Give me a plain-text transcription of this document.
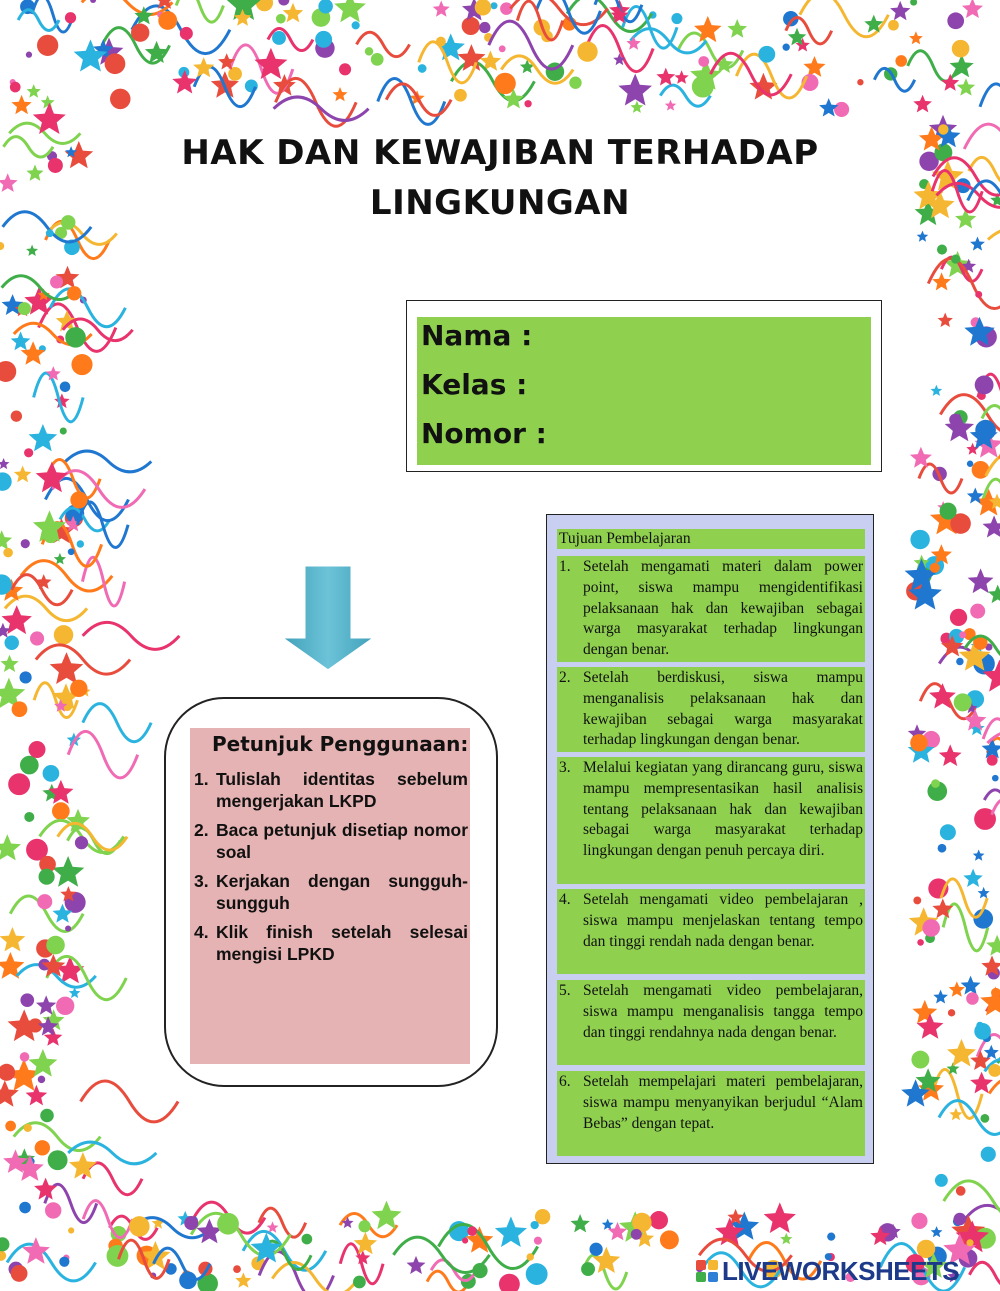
HAK DAN KEWAJIBAN TERHADAP
LINGKUNGAN
Nama :
Kelas :
Nomor :
Petunjuk Penggunaan:
1. Tulislah identitas sebelum mengerjakan LKPD
2. Baca petunjuk disetiap nomor soal
3. Kerjakan dengan sungguh-sungguh
4. Klik finish setelah selesai mengisi LPKD
Tujuan Pembelajaran
1. Setelah mengamati materi dalam power point, siswa mampu mengidentifikasi pelaksanaan hak dan kewajiban sebagai warga masyarakat terhadap lingkungan dengan benar.
2. Setelah berdiskusi, siswa mampu menganalisis pelaksanaan hak dan kewajiban sebagai warga masyarakat terhadap lingkungan dengan benar.
3. Melalui kegiatan yang dirancang guru, siswa mampu mempresentasikan hasil analisis tentang pelaksanaan hak dan kewajiban sebagai warga masyarakat terhadap lingkungan dengan penuh percaya diri.
4. Setelah mengamati video pembelajaran , siswa mampu menjelaskan tentang tempo dan tinggi rendah nada dengan benar.
5. Setelah mengamati video pembelajaran, siswa mampu menganalisis tangga tempo dan tinggi rendahnya nada dengan benar.
6. Setelah mempelajari materi pembelajaran, siswa mampu menyanyikan berjudul “Alam Bebas” dengan tepat.
LIVEWORKSHEETS
